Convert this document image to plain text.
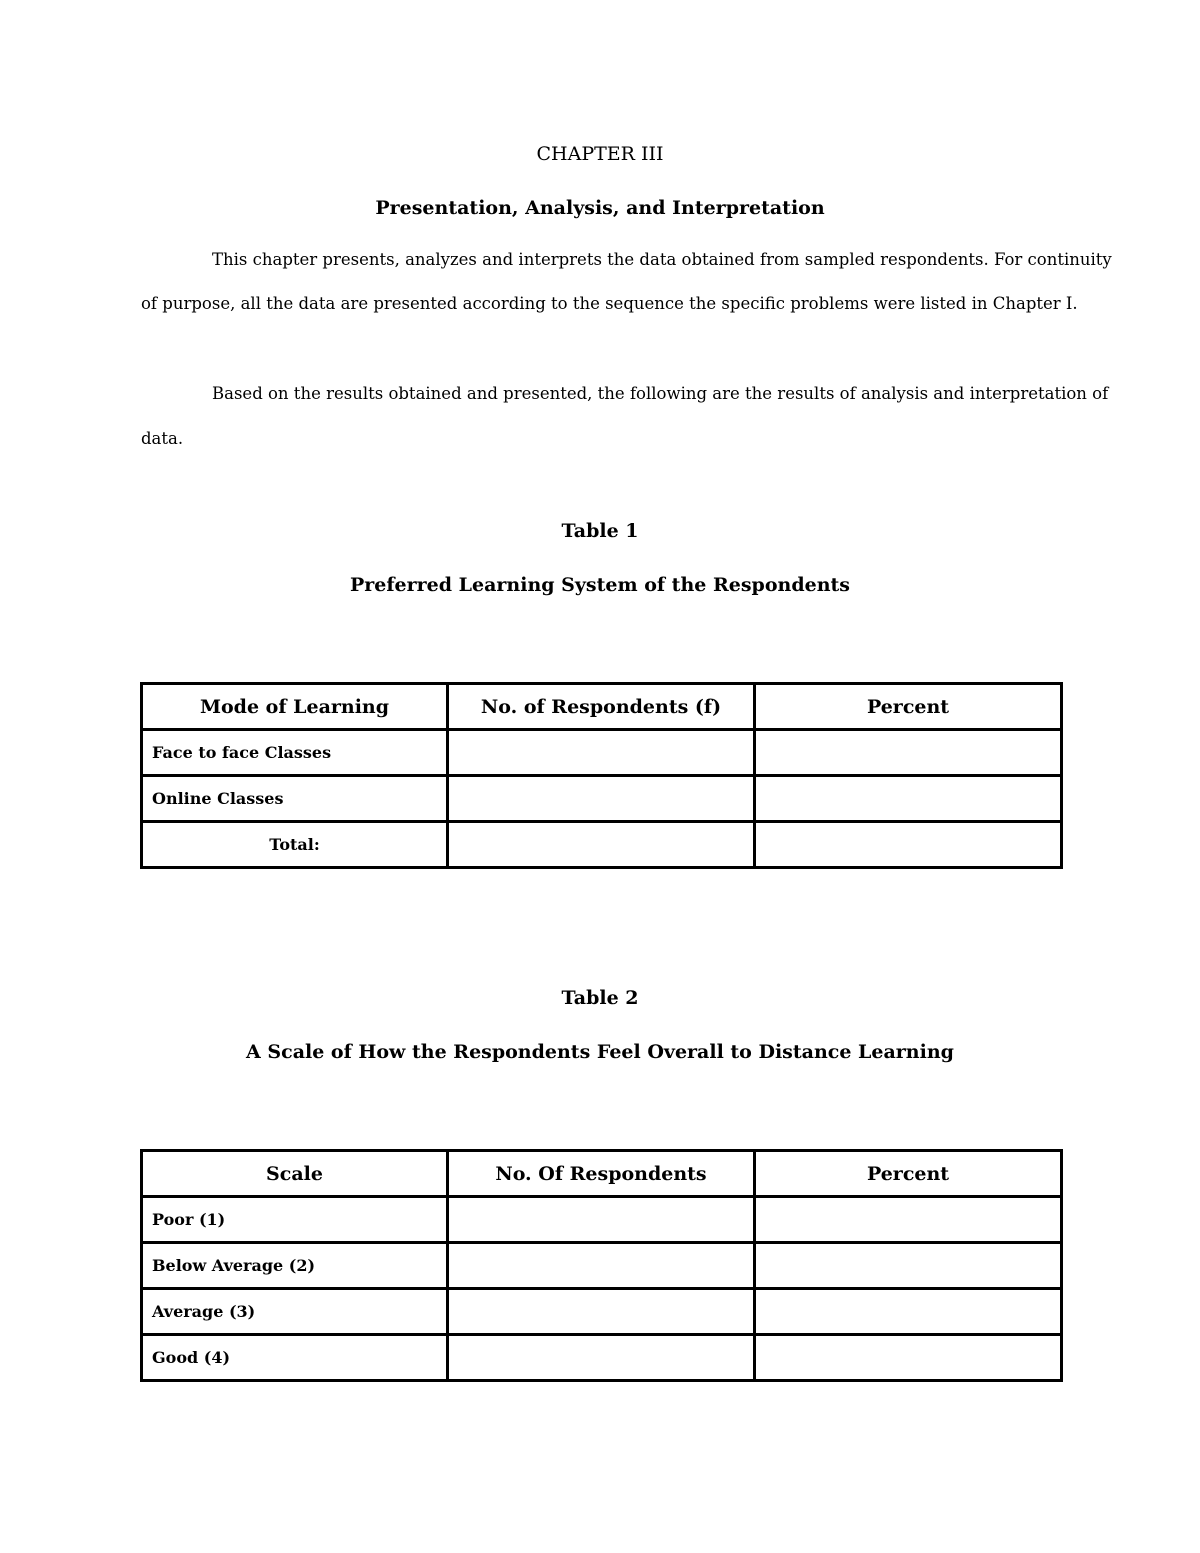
CHAPTER III
Presentation, Analysis, and Interpretation
This chapter presents, analyzes and interprets the data obtained from sampled respondents. For continuity
of purpose, all the data are presented according to the sequence the specific problems were listed in Chapter I.
Based on the results obtained and presented, the following are the results of analysis and interpretation of
data.
Table 1
Preferred Learning System of the Respondents
Mode of Learning	No. of Respondents (f)	Percent
Face to face Classes		
Online Classes		
Total:		
Table 2
A Scale of How the Respondents Feel Overall to Distance Learning
Scale	No. Of Respondents	Percent
Poor (1)		
Below Average (2)		
Average (3)		
Good (4)		
